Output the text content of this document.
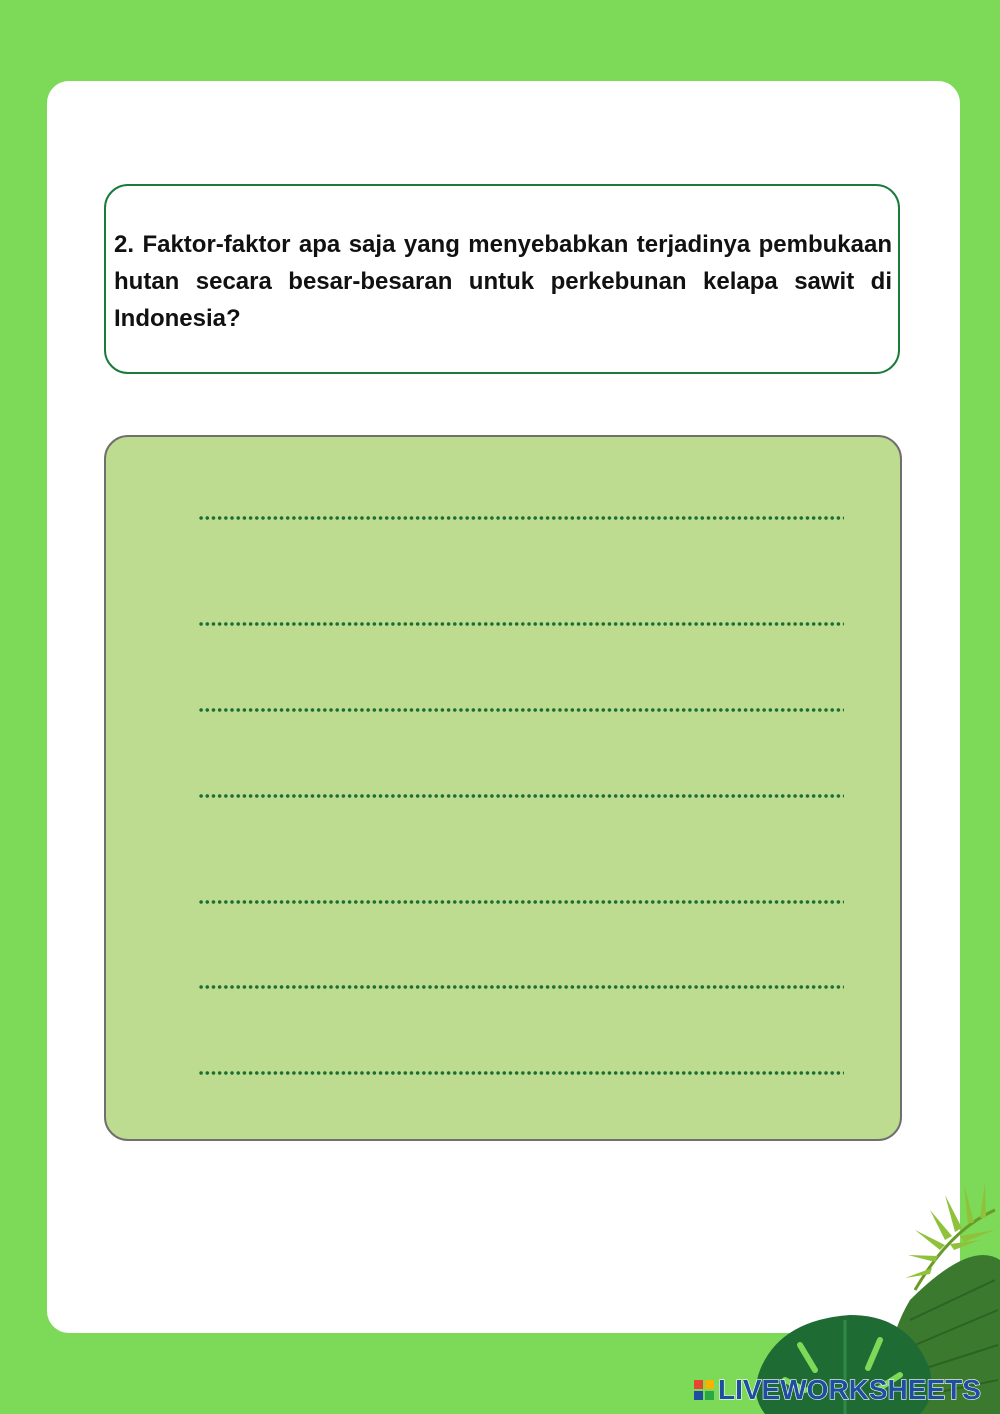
2. Faktor-faktor apa saja yang menyebabkan terjadinya pembukaan hutan secara besar-besaran untuk perkebunan kelapa sawit di Indonesia?

LIVEWORKSHEETS
